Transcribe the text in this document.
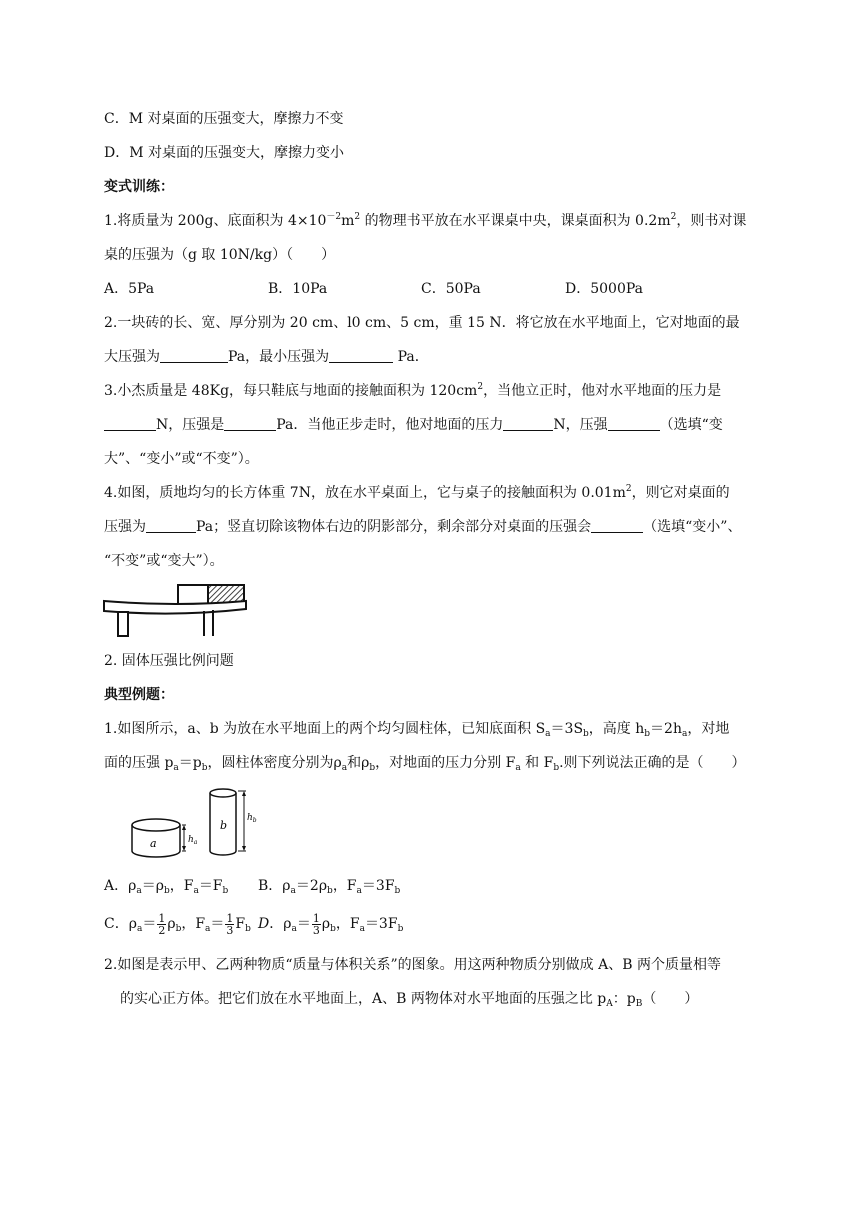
C．M 对桌面的压强变大，摩擦力不变
D．M 对桌面的压强变大，摩擦力变小
变式训练：
1.将质量为 200g、底面积为 $4\times 10^{-2}m^2$ 的物理书平放在水平课桌中央，课桌面积为 $0.2m^2$，则书对课
桌的压强为（g 取 10N/kg）（　　）
A．5Pa	B．10Pa	C．50Pa	D．5000Pa
2.一块砖的长、宽、厚分别为 20 cm、l0 cm、5 cm，重 15 N．将它放在水平地面上，它对地面的最
大压强为	Pa，最小压强为	Pa．
3.小杰质量是 48Kg，每只鞋底与地面的接触面积为 $120cm^2$，当他立正时，他对水平地面的压力是
N，压强是	Pa．当他正步走时，他对地面的压力	N，压强	（选填“变
大”、“变小”或“不变”）。
4.如图，质地均匀的长方体重 7N，放在水平桌面上，它与桌子的接触面积为 $0.01m^2$，则它对桌面的
压强为	Pa；竖直切除该物体右边的阴影部分，剩余部分对桌面的压强会	（选填“变小”、
“不变”或“变大”）。
2. 固体压强比例问题
典型例题：
1.如图所示，a、b 为放在水平地面上的两个均匀圆柱体，已知底面积 $S_a=3S_b$，高度 $h_b=2h_a$，对地
面的压强 $p_a=p_b$，圆柱体密度分别为$\rho_a$和$\rho_b$，对地面的压力分别 $F_a$ 和 $F_b$.则下列说法正确的是（　　）
a	$h_a$
b
$h_b$
A．$\rho_a=\rho_b$，$F_a=F_b$ B．$\rho_a=2\rho_b$，$F_a=3F_b$
C．$\rho_a= \frac{1}{2} \rho_b$，$F_a= \frac{1}{3} F_b$ D．$\rho_a= \frac{1}{3} \rho_b$，$F_a=3F_b$
2.如图是表示甲、乙两种物质“质量与体积关系”的图象。用这两种物质分别做成 A、B 两个质量相等
的实心正方体。把它们放在水平地面上，A、B 两物体对水平地面的压强之比 $p_A$：$p_B$（　　）
